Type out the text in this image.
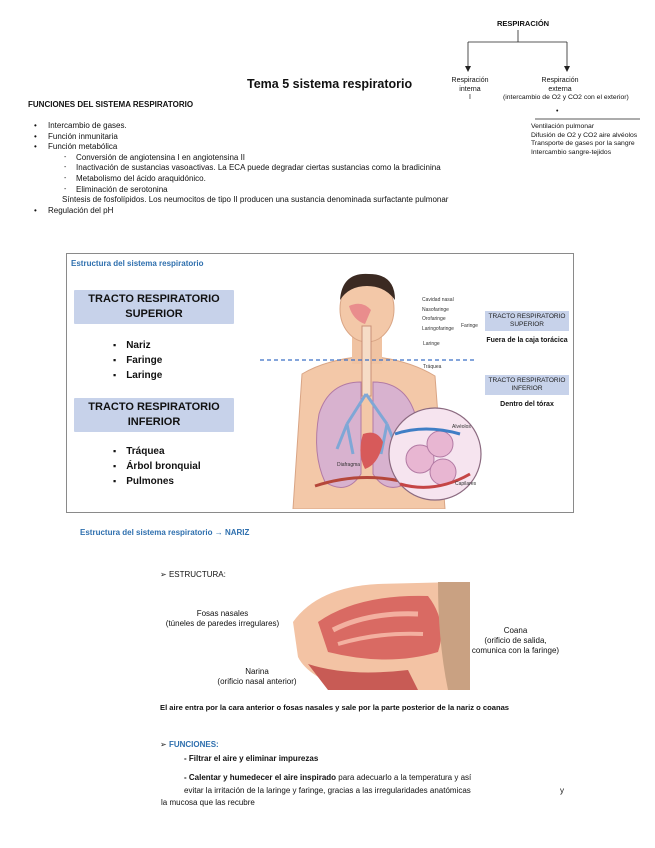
Tema 5 sistema respiratorio
RESPIRACIÓN
Respiración
interna
I
Respiración
externa
(intercambio de O2 y CO2 con el exterior)
•
Ventilación pulmonar
Difusión de O2 y CO2 aire alvéolos
Transporte de gases por la sangre
Intercambio sangre-tejidos
FUNCIONES DEL SISTEMA RESPIRATORIO
• Intercambio de gases.
• Función inmunitaria
• Función metabólica
- Conversión de angiotensina I en angiotensina II
- Inactivación de sustancias vasoactivas. La ECA puede degradar ciertas sustancias como la bradicinina
- Metabolismo del ácido araquidónico.
- Eliminación de serotonina
Síntesis de fosfolípidos. Los neumocitos de tipo II producen una sustancia denominada surfactante pulmonar
• Regulación del pH
Estructura del sistema respiratorio
TRACTO RESPIRATORIO
SUPERIOR
▪ Nariz
▪ Faringe
▪ Laringe
TRACTO RESPIRATORIO
INFERIOR
▪ Tráquea
▪ Árbol bronquial
▪ Pulmones
Cavidad nasal
Nasofaringe
Orofaringe
Laringofaringe Faringe
Laringe
Tráquea
Diafragma
Alvéolos
Capilares
TRACTO RESPIRATORIO
SUPERIOR
Fuera de la caja torácica
TRACTO RESPIRATORIO
INFERIOR
Dentro del tórax
Estructura del sistema respiratorio → NARIZ
➢ ESTRUCTURA:
Fosas nasales
(túneles de paredes irregulares)
Coana
(orificio de salida,
comunica con la faringe)
Narina
(orificio nasal anterior)
El aire entra por la cara anterior o fosas nasales y sale por la parte posterior de la nariz o coanas
➢ FUNCIONES:
- Filtrar el aire y eliminar impurezas
- Calentar y humedecer el aire inspirado para adecuarlo a la temperatura y así
evitar la irritación de la laringe y faringe, gracias a las irregularidades anatómicas	y
la mucosa que las recubre
